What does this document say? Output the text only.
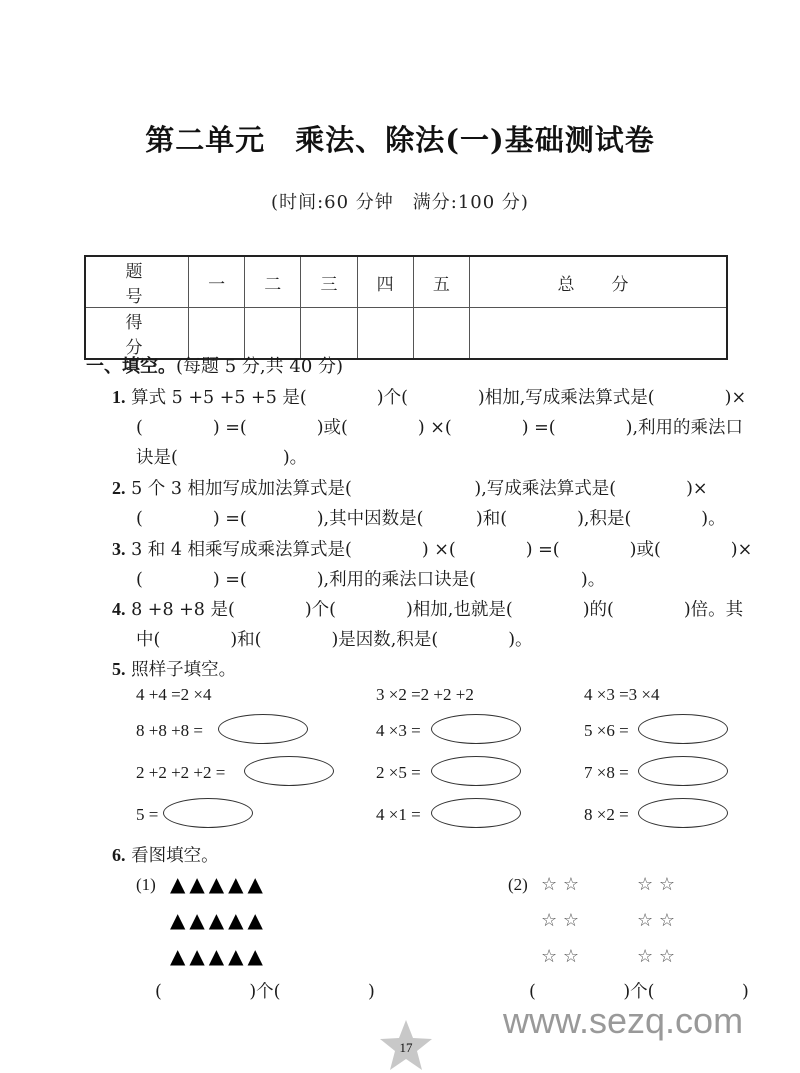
第二单元　乘法、除法(一)基础测试卷
(时间:60 分钟　满分:100 分)
题　号	一	二	三	四	五	总　分
得　分						
一、填空。(每题 5 分,共 40 分)
1. 算式 5 +5 +5 +5 是(　　　　)个(　　　　)相加,写成乘法算式是(　　　　)×
(　　　　) =(　　　　)或(　　　　) ×(　　　　) =(　　　　),利用的乘法口
诀是(　　　　　　)。
2. 5 个 3 相加写成加法算式是(　　　　　　　),写成乘法算式是(　　　　)×
(　　　　) =(　　　　),其中因数是(　　　)和(　　　　),积是(　　　　)。
3. 3 和 4 相乘写成乘法算式是(　　　　) ×(　　　　) =(　　　　)或(　　　　)×
(　　　　) =(　　　　),利用的乘法口诀是(　　　　　　)。
4. 8 +8 +8 是(　　　　)个(　　　　)相加,也就是(　　　　)的(　　　　)倍。其
中(　　　　)和(　　　　)是因数,积是(　　　　)。
5. 照样子填空。
4 +4 =2 ×4	3 ×2 =2 +2 +2	4 ×3 =3 ×4
8 +8 +8 =	4 ×3 =	5 ×6 =
2 +2 +2 +2 =	2 ×5 =	7 ×8 =
5 =	4 ×1 =	8 ×2 =
6. 看图填空。
(1) ▲▲▲▲▲
▲▲▲▲▲
▲▲▲▲▲
(　　　　　)个(　　　　　)
(2) ☆ ☆	☆ ☆
☆ ☆	☆ ☆
☆ ☆	☆ ☆
(　　　　　)个(　　　　　)
www.sezq.com
17
